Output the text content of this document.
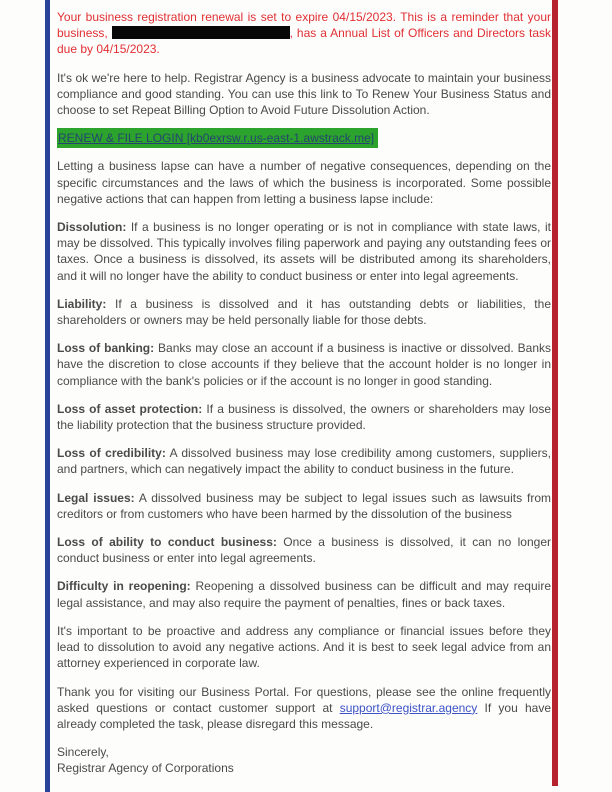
Your business registration renewal is set to expire 04/15/2023. This is a reminder that your business,	, has a Annual List of Officers and Directors task due by 04/15/2023.

It's ok we're here to help. Registrar Agency is a business advocate to maintain your business compliance and good standing. You can use this link to To Renew Your Business Status and choose to set Repeat Billing Option to Avoid Future Dissolution Action.

RENEW & FILE LOGIN [kb0exrsw.r.us-east-1.awstrack.me]

Letting a business lapse can have a number of negative consequences, depending on the specific circumstances and the laws of which the business is incorporated. Some possible negative actions that can happen from letting a business lapse include:

Dissolution: If a business is no longer operating or is not in compliance with state laws, it may be dissolved. This typically involves filing paperwork and paying any outstanding fees or taxes. Once a business is dissolved, its assets will be distributed among its shareholders, and it will no longer have the ability to conduct business or enter into legal agreements.

Liability: If a business is dissolved and it has outstanding debts or liabilities, the shareholders or owners may be held personally liable for those debts.

Loss of banking: Banks may close an account if a business is inactive or dissolved. Banks have the discretion to close accounts if they believe that the account holder is no longer in compliance with the bank's policies or if the account is no longer in good standing.

Loss of asset protection: If a business is dissolved, the owners or shareholders may lose the liability protection that the business structure provided.

Loss of credibility: A dissolved business may lose credibility among customers, suppliers, and partners, which can negatively impact the ability to conduct business in the future.

Legal issues: A dissolved business may be subject to legal issues such as lawsuits from creditors or from customers who have been harmed by the dissolution of the business

Loss of ability to conduct business: Once a business is dissolved, it can no longer conduct business or enter into legal agreements.

Difficulty in reopening: Reopening a dissolved business can be difficult and may require legal assistance, and may also require the payment of penalties, fines or back taxes.

It's important to be proactive and address any compliance or financial issues before they lead to dissolution to avoid any negative actions. And it is best to seek legal advice from an attorney experienced in corporate law.

Thank you for visiting our Business Portal. For questions, please see the online frequently asked questions or contact customer support at support@registrar.agency If you have already completed the task, please disregard this message.

Sincerely,
Registrar Agency of Corporations
